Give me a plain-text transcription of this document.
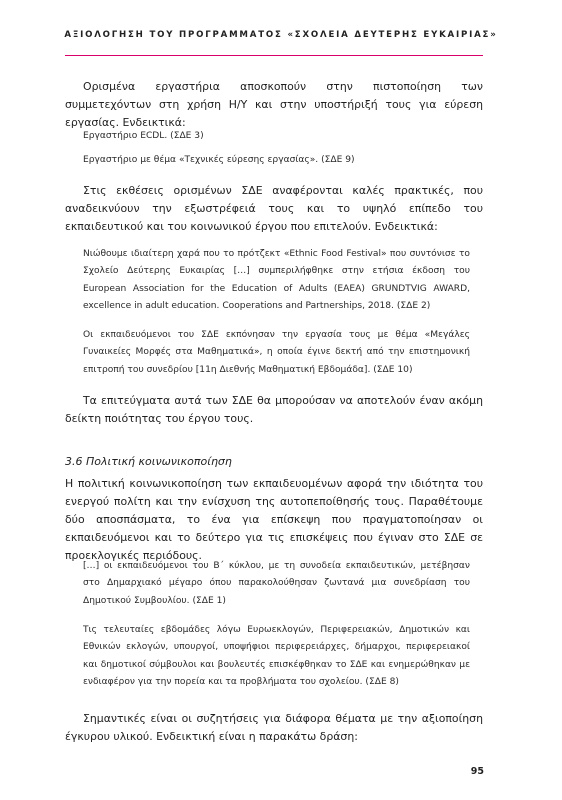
ΑΞΙΟΛΟΓΗΣΗ ΤΟΥ ΠΡΟΓΡΑΜΜΑΤΟΣ «ΣΧΟΛΕΙΑ ΔΕΥΤΕΡΗΣ ΕΥΚΑΙΡΙΑΣ»

Ορισμένα εργαστήρια αποσκοπούν στην πιστοποίηση των συμμετεχόντων στη χρήση Η/Υ και στην υποστήριξή τους για εύρεση εργασίας. Ενδεικτικά:

Εργαστήριο ECDL. (ΣΔΕ 3)

Εργαστήριο με θέμα «Τεχνικές εύρεσης εργασίας». (ΣΔΕ 9)

Στις εκθέσεις ορισμένων ΣΔΕ αναφέρονται καλές πρακτικές, που αναδεικνύουν την εξωστρέφειά τους και το υψηλό επίπεδο του εκπαιδευτικού και του κοινωνικού έργου που επιτελούν. Ενδεικτικά:

Νιώθουμε ιδιαίτερη χαρά που το πρότζεκτ «Ethnic Food Festival» που συντόνισε το Σχολείο Δεύτερης Ευκαιρίας […] συμπεριλήφθηκε στην ετήσια έκδοση του European Association for the Education of Adults (EAEA) GRUNDTVIG AWARD, excellence in adult education. Cooperations and Partnerships, 2018. (ΣΔΕ 2)

Οι εκπαιδευόμενοι του ΣΔΕ εκπόνησαν την εργασία τους με θέμα «Μεγάλες Γυναικείες Μορφές στα Μαθηματικά», η οποία έγινε δεκτή από την επιστημονική επιτροπή του συνεδρίου [11η Διεθνής Μαθηματική Εβδομάδα]. (ΣΔΕ 10)

Τα επιτεύγματα αυτά των ΣΔΕ θα μπορούσαν να αποτελούν έναν ακόμη δείκτη ποιότητας του έργου τους.

3.6 Πολιτική κοινωνικοποίηση

Η πολιτική κοινωνικοποίηση των εκπαιδευομένων αφορά την ιδιότητα του ενεργού πολίτη και την ενίσχυση της αυτοπεποίθησής τους. Παραθέτουμε δύο αποσπάσματα, το ένα για επίσκεψη που πραγματοποίησαν οι εκπαιδευόμενοι και το δεύτερο για τις επισκέψεις που έγιναν στο ΣΔΕ σε προεκλογικές περιόδους.

[…] οι εκπαιδευόμενοι του Β΄ κύκλου, με τη συνοδεία εκπαιδευτικών, μετέβησαν στο Δημαρχιακό μέγαρο όπου παρακολούθησαν ζωντανά μια συνεδρίαση του Δημοτικού Συμβουλίου. (ΣΔΕ 1)

Τις τελευταίες εβδομάδες λόγω Ευρωεκλογών, Περιφερειακών, Δημοτικών και Εθνικών εκλογών, υπουργοί, υποψήφιοι περιφερειάρχες, δήμαρχοι, περιφερειακοί και δημοτικοί σύμβουλοι και βουλευτές επισκέφθηκαν το ΣΔΕ και ενημερώθηκαν με ενδιαφέρον για την πορεία και τα προβλήματα του σχολείου. (ΣΔΕ 8)

Σημαντικές είναι οι συζητήσεις για διάφορα θέματα με την αξιοποίηση έγκυρου υλικού. Ενδεικτική είναι η παρακάτω δράση:

95
